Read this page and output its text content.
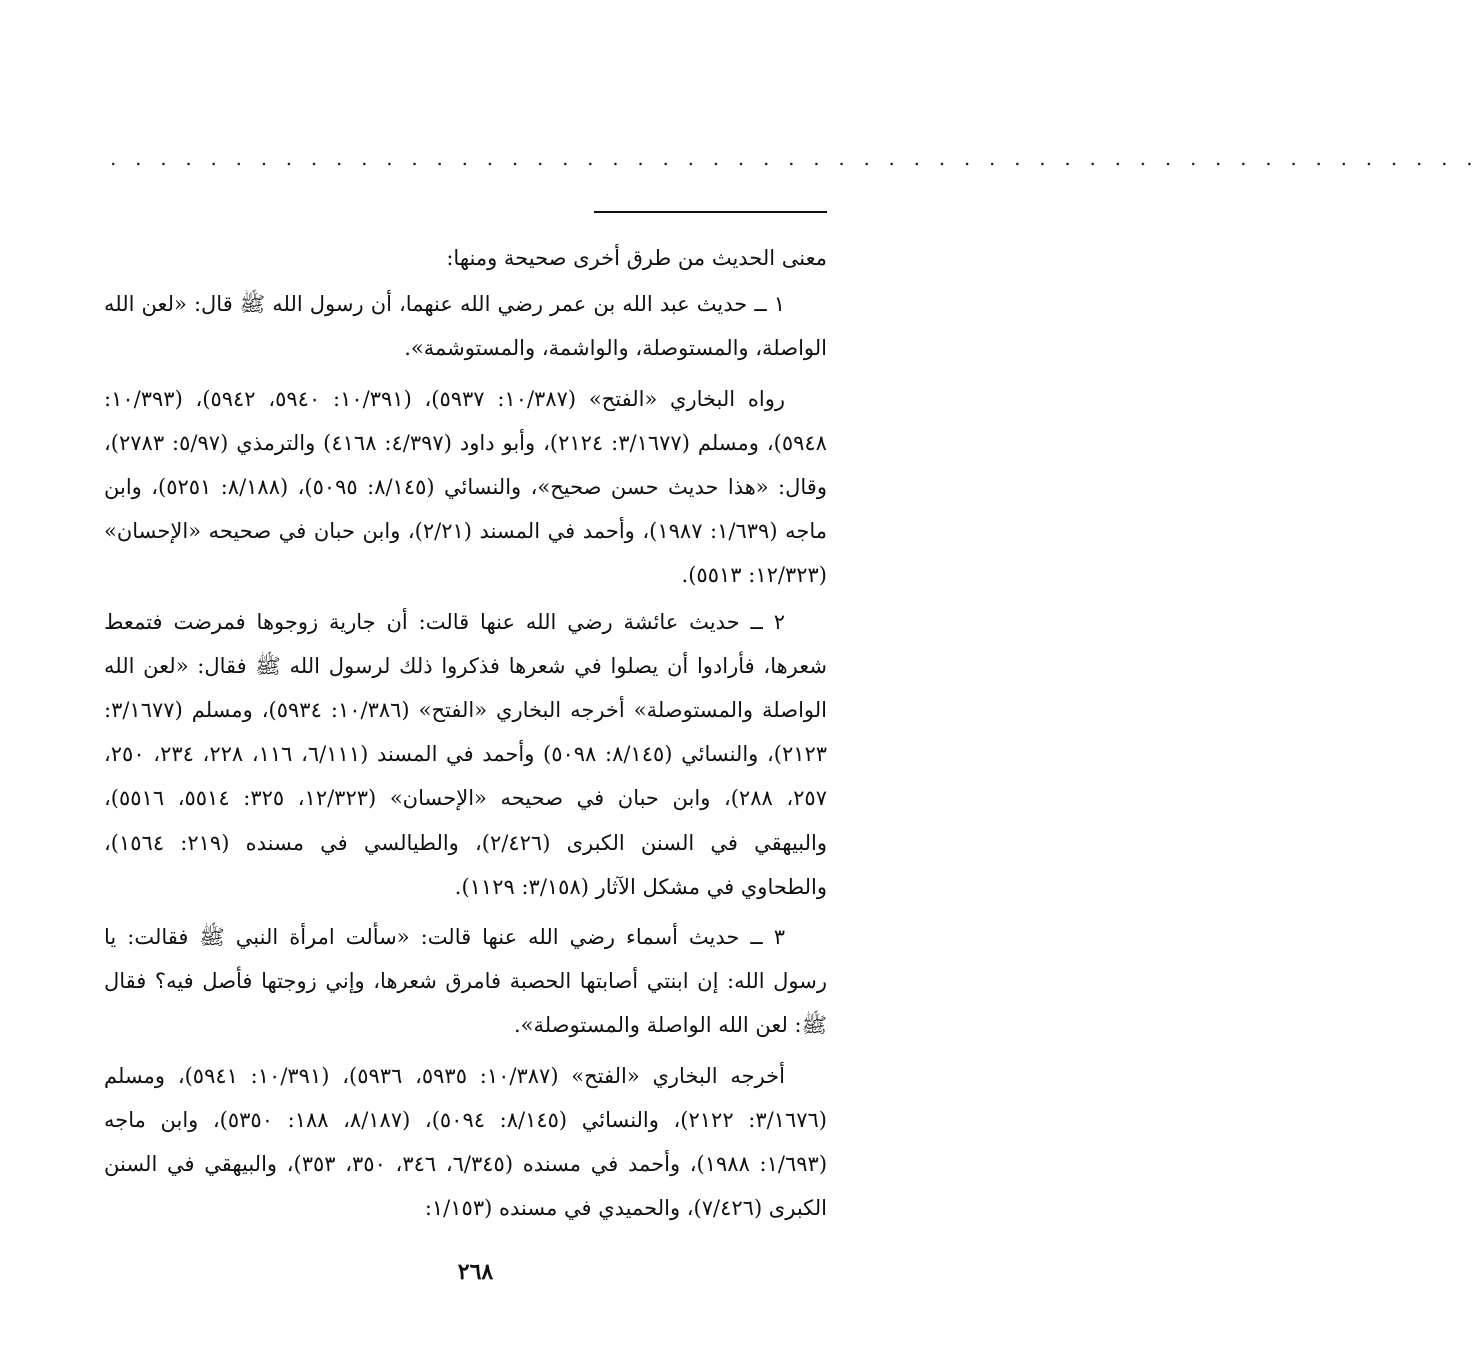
. . . . . . . . . . . . . . . . . . . . . . . . . . . . . . . . . . . . . . . . . . . . . . . . . . . . . . .

معنى الحديث من طرق أخرى صحيحة ومنها:

١ ــ حديث عبد الله بن عمر رضي الله عنهما، أن رسول الله ﷺ قال: «لعن الله الواصلة، والمستوصلة، والواشمة، والمستوشمة».

رواه البخاري «الفتح» (١٠/٣٨٧: ٥٩٣٧)، (١٠/٣٩١: ٥٩٤٠، ٥٩٤٢)، (١٠/٣٩٣: ٥٩٤٨)، ومسلم (٣/١٦٧٧: ٢١٢٤)، وأبو داود (٤/٣٩٧: ٤١٦٨) والترمذي (٥/٩٧: ٢٧٨٣)، وقال: «هذا حديث حسن صحيح»، والنسائي (٨/١٤٥: ٥٠٩٥)، (٨/١٨٨: ٥٢٥١)، وابن ماجه (١/٦٣٩: ١٩٨٧)، وأحمد في المسند (٢/٢١)، وابن حبان في صحيحه «الإحسان» (١٢/٣٢٣: ٥٥١٣).

٢ ــ حديث عائشة رضي الله عنها قالت: أن جارية زوجوها فمرضت فتمعط شعرها، فأرادوا أن يصلوا في شعرها فذكروا ذلك لرسول الله ﷺ فقال: «لعن الله الواصلة والمستوصلة» أخرجه البخاري «الفتح» (١٠/٣٨٦: ٥٩٣٤)، ومسلم (٣/١٦٧٧: ٢١٢٣)، والنسائي (٨/١٤٥: ٥٠٩٨) وأحمد في المسند (٦/١١١، ١١٦، ٢٢٨، ٢٣٤، ٢٥٠، ٢٥٧، ٢٨٨)، وابن حبان في صحيحه «الإحسان» (١٢/٣٢٣، ٣٢٥: ٥٥١٤، ٥٥١٦)، والبيهقي في السنن الكبرى (٢/٤٢٦)، والطيالسي في مسنده (٢١٩: ١٥٦٤)، والطحاوي في مشكل الآثار (٣/١٥٨: ١١٢٩).

٣ ــ حديث أسماء رضي الله عنها قالت: «سألت امرأة النبي ﷺ فقالت: يا رسول الله: إن ابنتي أصابتها الحصبة فامرق شعرها، وإني زوجتها فأصل فيه؟ فقال ﷺ: لعن الله الواصلة والمستوصلة».

أخرجه البخاري «الفتح» (١٠/٣٨٧: ٥٩٣٥، ٥٩٣٦)، (١٠/٣٩١: ٥٩٤١)، ومسلم (٣/١٦٧٦: ٢١٢٢)، والنسائي (٨/١٤٥: ٥٠٩٤)، (٨/١٨٧، ١٨٨: ٥٣٥٠)، وابن ماجه (١/٦٩٣: ١٩٨٨)، وأحمد في مسنده (٦/٣٤٥، ٣٤٦، ٣٥٠، ٣٥٣)، والبيهقي في السنن الكبرى (٧/٤٢٦)، والحميدي في مسنده (١/١٥٣:

٢٦٨
